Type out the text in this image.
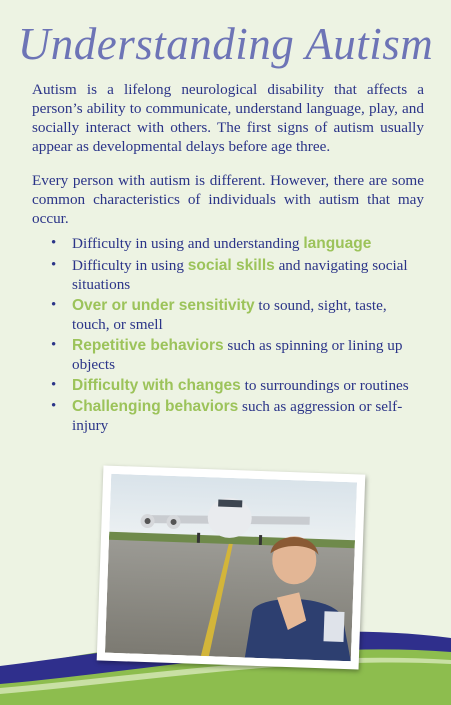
Understanding Autism

Autism is a lifelong neurological disability that affects a person’s ability to communicate, understand language, play, and socially interact with others. The first signs of autism usually appear as developmental delays before age three.

Every person with autism is different. However, there are some common characteristics of individuals with autism that may occur.

• Difficulty in using and understanding language
• Difficulty in using social skills and navigating social situations
• Over or under sensitivity to sound, sight, taste, touch, or smell
• Repetitive behaviors such as spinning or lining up objects
• Difficulty with changes to surroundings or routines
• Challenging behaviors such as aggression or self-injury
